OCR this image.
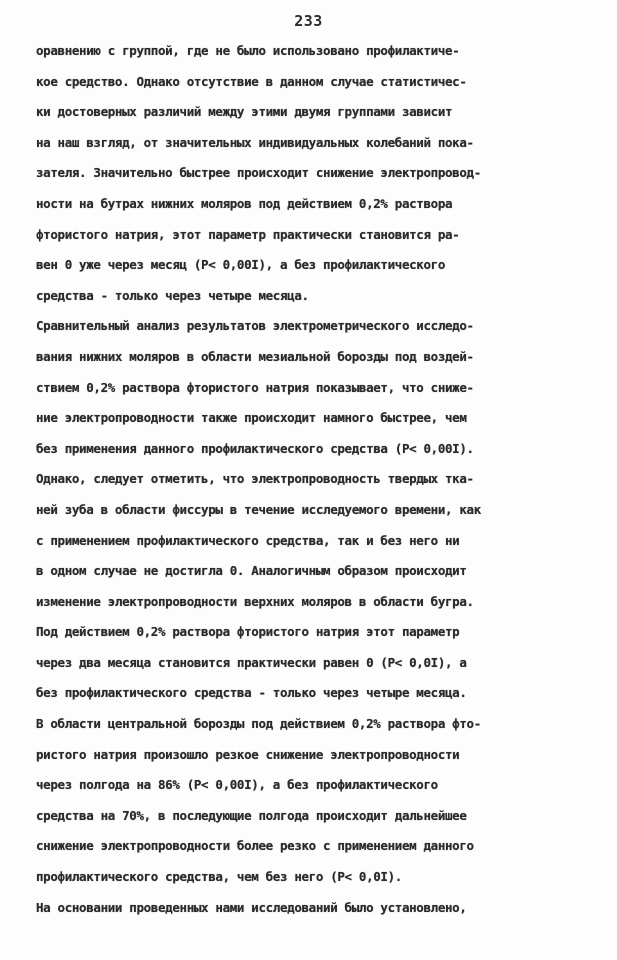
233
оравнению с группой, где не было использовано профилактиче-
кое средство. Однако отсутствие в данном случае статистичес-
ки достоверных различий между этими двумя группами зависит
на наш взгляд, от значительных индивидуальных колебаний пока-
зателя. Значительно быстрее происходит снижение электропровод-
ности на бутрах нижних моляров под действием 0,2% раствора
фтористого натрия, этот параметр практически становится ра-
вен 0 уже через месяц (P< 0,00I), а без профилактического
средства - только через четыре месяца.
Сравнительный анализ результатов электрометрического исследо-
вания нижних моляров в области мезиальной борозды под воздей-
ствием 0,2% раствора фтористого натрия показывает, что сниже-
ние электропроводности также происходит намного быстрее, чем
без применения данного профилактического средства (P< 0,00I).
Однако, следует отметить, что электропроводность твердых тка-
ней зуба в области фиссуры в течение исследуемого времени, как
с применением профилактического средства, так и без него ни
в одном случае не достигла 0. Аналогичным образом происходит
изменение электропроводности верхних моляров в области бугра.
Под действием 0,2% раствора фтористого натрия этот параметр
через два месяца становится практически равен 0 (P< 0,0I), а
без профилактического средства - только через четыре месяца.
В области центральной борозды под действием 0,2% раствора фто-
ристого натрия произошло резкое снижение электропроводности
через полгода на 86% (P< 0,00I), а без профилактического
средства на 70%, в последующие полгода происходит дальнейшее
снижение электропроводности более резко с применением данного
профилактического средства, чем без него (P< 0,0I).
На основании проведенных нами исследований было установлено,
